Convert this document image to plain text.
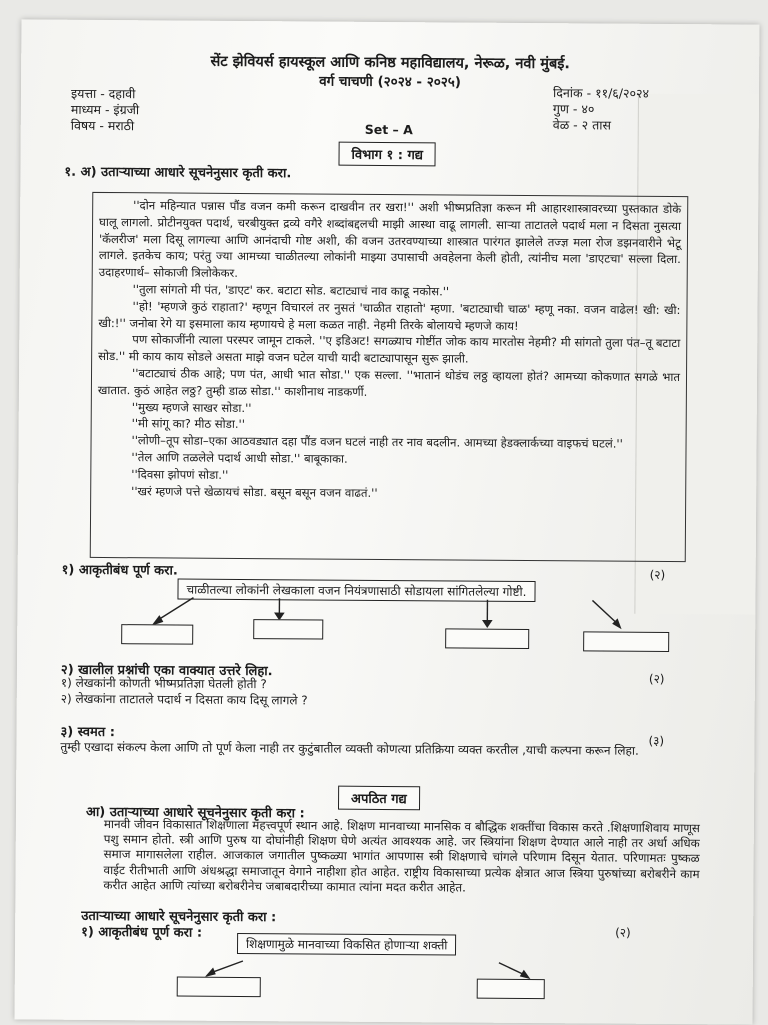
सेंट झेवियर्स हायस्कूल आणि कनिष्ठ महाविद्यालय, नेरूळ, नवी मुंबई.
वर्ग चाचणी (२०२४ - २०२५)
इयत्ता - दहावी
माध्यम - इंग्रजी
विषय - मराठी
दिनांक - ११/६/२०२४
गुण - ४०
वेळ - २ तास
Set – A
विभाग १ : गद्य
१. अ) उताऱ्याच्या आधारे सूचनेनुसार कृती करा.

''दोन महिन्यात पन्नास पौंड वजन कमी करून दाखवीन तर खरा!'' अशी भीष्मप्रतिज्ञा करून मी आहारशास्त्रावरच्या पुस्तकात डोके घालू लागलो. प्रोटीनयुक्त पदार्थ, चरबीयुक्त द्रव्ये वगैरे शब्दांबद्दलची माझी आस्था वाढू लागली. साऱ्या ताटातले पदार्थ मला न दिसता नुसत्या 'कॅलरीज' मला दिसू लागल्या आणि आनंदाची गोष्ट अशी, की वजन उतरवण्याच्या शास्त्रात पारंगत झालेले तज्ज्ञ मला रोज डझनवारीने भेटू लागले. इतकेच काय; परंतु ज्या आमच्या चाळीतल्या लोकांनी माझ्या उपासाची अवहेलना केली होती, त्यांनीच मला 'डाएटचा' सल्ला दिला. उदाहरणार्थ– सोकाजी त्रिलोकेकर.

''तुला सांगतो मी पंत, 'डाएट' कर. बटाटा सोड. बटाट्याचं नाव काढू नकोस.''

''हो! 'म्हणजे कुठं राहाता?' म्हणून विचारलं तर नुसतं 'चाळीत राहातो' म्हणा. 'बटाट्याची चाळ' म्हणू नका. वजन वाढेल! खी: खी: खी:!'' जनोबा रेगे या इसमाला काय म्हणायचे हे मला कळत नाही. नेहमी तिरके बोलायचे म्हणजे काय!

पण सोकाजींनी त्याला परस्पर जामून टाकले. ''ए इडिअट! सगळ्याच गोष्टींत जोक काय मारतोस नेहमी? मी सांगतो तुला पंत–तू बटाटा सोड.'' मी काय काय सोडले असता माझे वजन घटेल याची यादी बटाट्यापासून सुरू झाली.

''बटाट्याचं ठीक आहे; पण पंत, आधी भात सोडा.'' एक सल्ला. ''भातानं थोडंच लठ्ठ व्हायला होतं? आमच्या कोकणात सगळे भात खातात. कुठं आहेत लठ्ठ? तुम्ही डाळ सोडा.'' काशीनाथ नाडकर्णी.

''मुख्य म्हणजे साखर सोडा.''

''मी सांगू का? मीठ सोडा.''

''लोणी–तूप सोडा–एका आठवड्यात दहा पौंड वजन घटलं नाही तर नाव बदलीन. आमच्या हेडक्लार्कच्या वाइफचं घटलं.''

''तेल आणि तळलेले पदार्थ आधी सोडा.'' बाबूकाका.

''दिवसा झोपणं सोडा.''

''खरं म्हणजे पत्ते खेळायचं सोडा. बसून बसून वजन वाढतं.''

१) आकृतीबंध पूर्ण करा.	(२)
चाळीतल्या लोकांनी लेखकाला वजन नियंत्रणासाठी सोडायला सांगितलेल्या गोष्टी.
२) खालील प्रश्नांची एका वाक्यात उत्तरे लिहा.	(२)
१) लेखकांनी कोणती भीष्मप्रतिज्ञा घेतली होती ?
२) लेखकांना ताटातले पदार्थ न दिसता काय दिसू लागले ?
३) स्वमत :
(३)
तुम्ही एखादा संकल्प केला आणि तो पूर्ण केला नाही तर कुटुंबातील व्यक्ती कोणत्या प्रतिक्रिया व्यक्त करतील ,याची कल्पना करून लिहा.
अपठित गद्य
आ) उताऱ्याच्या आधारे सूचनेनुसार कृती करा :
मानवी जीवन विकासात शिक्षणाला महत्त्वपूर्ण स्थान आहे. शिक्षण मानवाच्या मानसिक व बौद्धिक शक्तींचा विकास करते .शिक्षणाशिवाय माणूस पशु समान होतो. स्त्री आणि पुरुष या दोघांनीही शिक्षण घेणे अत्यंत आवश्यक आहे. जर स्त्रियांना शिक्षण देण्यात आले नाही तर अर्धा अधिक समाज मागासलेला राहील. आजकाल जगातील पुष्कळ्या भागांत आपणास स्त्री शिक्षणाचे चांगले परिणाम दिसून येतात. परिणामतः पुष्कळ वाईट रीतीभाती आणि अंधश्रद्धा समाजातून वेगाने नाहीशा होत आहेत. राष्ट्रीय विकासाच्या प्रत्येक क्षेत्रात आज स्त्रिया पुरुषांच्या बरोबरीने काम करीत आहेत आणि त्यांच्या बरोबरीनेच जबाबदारीच्या कामात त्यांना मदत करीत आहेत.
उताऱ्याच्या आधारे सूचनेनुसार कृती करा :
१) आकृतीबंध पूर्ण करा :	(२)
शिक्षणामुळे मानवाच्या विकसित होणाऱ्या शक्ती
